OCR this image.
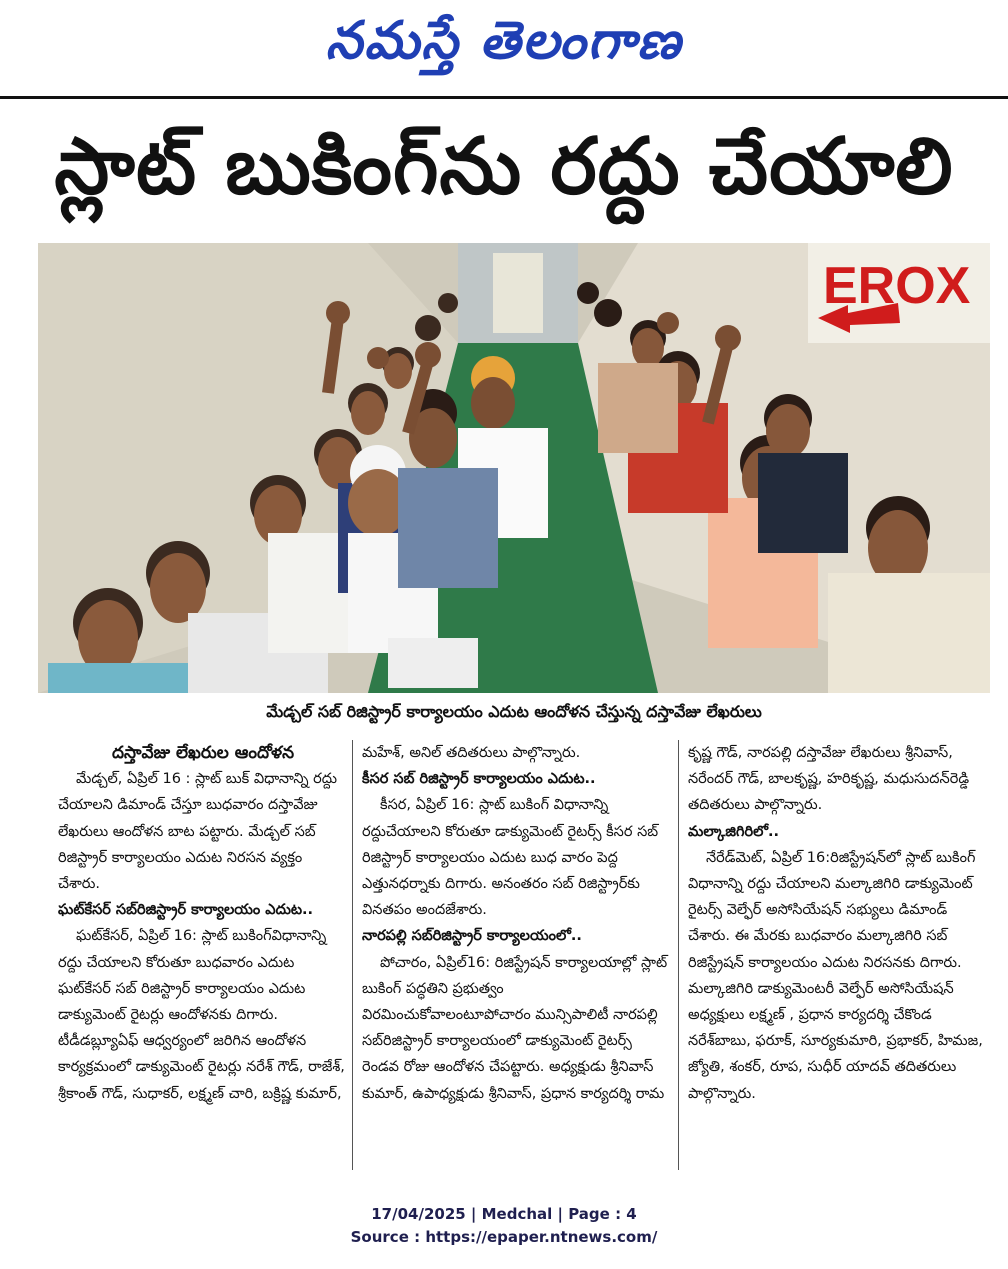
నమస్తే తెలంగాణ
స్లాట్ బుకింగ్‌ను రద్దు చేయాలి
EROX
మేడ్చల్ సబ్ రిజిస్ట్రార్ కార్యాలయం ఎదుట ఆందోళన చేస్తున్న దస్తావేజు లేఖరులు
దస్తావేజు లేఖరుల ఆందోళన
మేడ్చల్, ఏప్రిల్ 16 : స్లాట్ బుక్ విధానాన్ని రద్దు చేయాలని డిమాండ్ చేస్తూ బుధవారం దస్తావేజు లేఖరులు ఆందోళన బాట పట్టారు. మేడ్చల్ సబ్ రిజిస్ట్రార్ కార్యాలయం ఎదుట నిరసన వ్యక్తం చేశారు.
ఘట్‌కేసర్ సబ్‌రిజిస్ట్రార్ కార్యాలయం ఎదుట..
ఘట్‌కేసర్, ఏప్రిల్ 16: స్లాట్ బుకింగ్‌విధానాన్ని రద్దు చేయాలని కోరుతూ బుధవారం ఎదుట ఘట్‌కేసర్ సబ్ రిజిస్ట్రార్ కార్యాలయం ఎదుట డాక్యుమెంట్ రైటర్లు ఆందోళనకు దిగారు. టీడీడబ్ల్యూఏఫ్ ఆధ్వర్యంలో జరిగిన ఆందోళన కార్యక్రమంలో డాక్యుమెంట్ రైటర్లు నరేశ్ గౌడ్, రాజేశ్, శ్రీకాంత్ గౌడ్, సుధాకర్, లక్ష్మణ్ చారి, బక్రిష్ణ కుమార్,
మహేశ్, అనిల్ తదితరులు పాల్గొన్నారు.
కీసర సబ్ రిజిస్ట్రార్ కార్యాలయం ఎదుట..
కీసర, ఏప్రిల్ 16: స్లాట్ బుకింగ్ విధానాన్ని రద్దుచేయాలని కోరుతూ డాక్యుమెంట్ రైటర్స్ కీసర సబ్ రిజిస్ట్రార్ కార్యాలయం ఎదుట బుధ వారం పెద్ద ఎత్తునధర్నాకు దిగారు. అనంతరం సబ్ రిజిస్ట్రార్‌కు వినతపం అందజేశారు.
నారపల్లి సబ్‌రిజిస్ట్రార్ కార్యాలయంలో..
పోచారం, ఏప్రిల్16: రిజిస్ట్రేషన్ కార్యాలయాల్లో స్లాట్ బుకింగ్ పద్ధతిని ప్రభుత్వం విరమించుకోవాలంటూపోచారం మున్సిపాలిటీ నారపల్లి సబ్‌రిజిస్ట్రార్ కార్యాలయంలో డాక్యుమెంట్ రైటర్స్ రెండవ రోజు ఆందోళన చేపట్టారు. అధ్యక్షుడు శ్రీనివాస్ కుమార్, ఉపాధ్యక్షుడు శ్రీనివాస్, ప్రధాన కార్యదర్శి రామ
కృష్ణ గౌడ్, నారపల్లి దస్తావేజు లేఖరులు శ్రీనివాస్, నరేందర్ గౌడ్, బాలకృష్ణ, హరికృష్ణ, మధుసుదన్‌రెడ్డి తదితరులు పాల్గొన్నారు.
మల్కాజిగిరిలో..
నేరేడ్‌మెట్, ఏప్రిల్ 16:రిజిస్ట్రేషన్‌లో స్లాట్ బుకింగ్ విధానాన్ని రద్దు చేయాలని మల్కాజిగిరి డాక్యుమెంట్ రైటర్స్ వెల్ఫేర్ అసోసియేషన్ సభ్యులు డిమాండ్ చేశారు. ఈ మేరకు బుధవారం మల్కాజిగిరి సబ్ రిజిస్ట్రేషన్ కార్యాలయం ఎదుట నిరసనకు దిగారు. మల్కాజిగిరి డాక్యుమెంటరీ వెల్ఫేర్ అసోసియేషన్ అధ్యక్షులు లక్ష్మణ్ , ప్రధాన కార్యదర్శి చేకొండ నరేశ్‌బాబు, ఫరూక్, సూర్యకుమారి, ప్రభాకర్, హిమజ, జ్యోతి, శంకర్, రూప, సుధీర్ యాదవ్ తదితరులు పాల్గొన్నారు.
17/04/2025 | Medchal | Page : 4
Source : https://epaper.ntnews.com/
